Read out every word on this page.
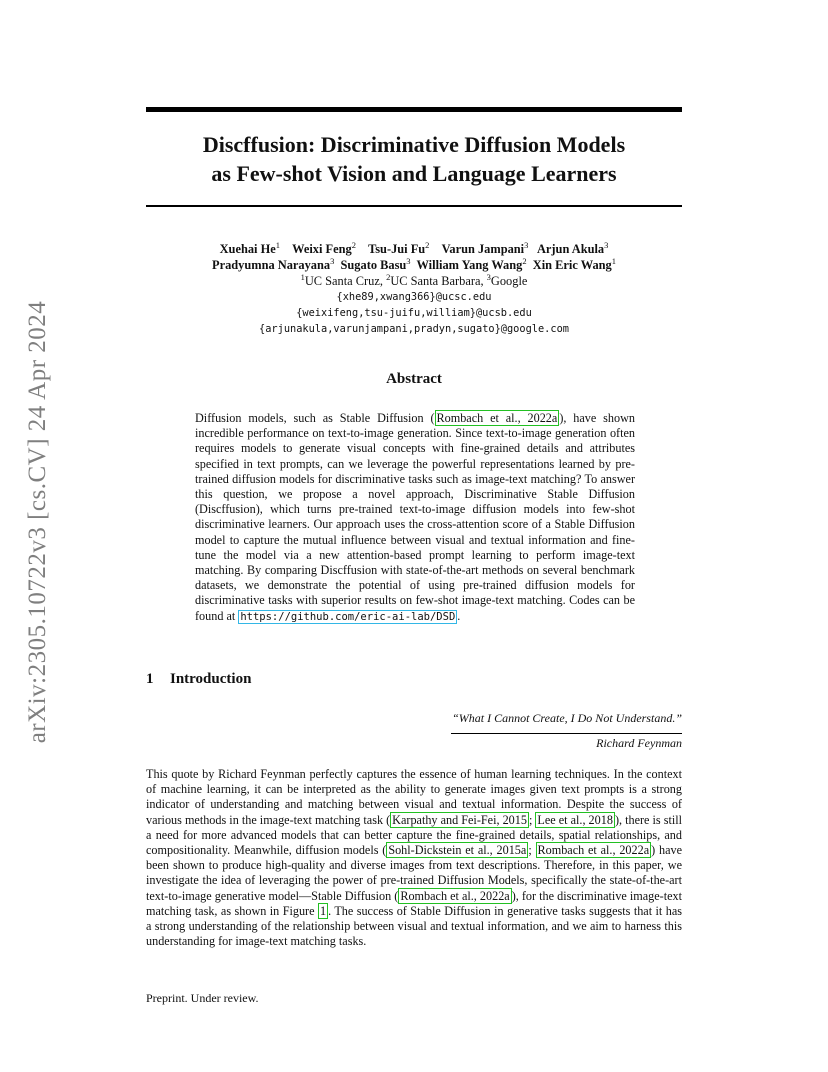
arXiv:2305.10722v3 [cs.CV] 24 Apr 2024
Discffusion: Discriminative Diffusion Models
as Few-shot Vision and Language Learners
Xuehai He$^1$ Weixi Feng$^2$ Tsu-Jui Fu$^2$ Varun Jampani$^3$ Arjun Akula$^3$
Pradyumna Narayana$^3$ Sugato Basu$^3$ William Yang Wang$^2$ Xin Eric Wang$^1$
$^1$UC Santa Cruz, $^2$UC Santa Barbara, $^3$Google
{xhe89,xwang366}@ucsc.edu
{weixifeng,tsu-juifu,william}@ucsb.edu
{arjunakula,varunjampani,pradyn,sugato}@google.com
Abstract
Diffusion models, such as Stable Diffusion ( Rombach et al., 2022a ), have shown incredible performance on text-to-image generation. Since text-to-image generation often requires models to generate visual concepts with fine-grained details and attributes specified in text prompts, can we leverage the powerful representations learned by pre-trained diffusion models for discriminative tasks such as image-text matching? To answer this question, we propose a novel approach, Discriminative Stable Diffusion (Discffusion), which turns pre-trained text-to-image diffusion models into few-shot discriminative learners. Our approach uses the cross-attention score of a Stable Diffusion model to capture the mutual influence between visual and textual information and fine-tune the model via a new attention-based prompt learning to perform image-text matching. By comparing Discffusion with state-of-the-art methods on several benchmark datasets, we demonstrate the potential of using pre-trained diffusion models for discriminative tasks with superior results on few-shot image-text matching. Codes can be found at https://github.com/eric-ai-lab/DSD .
1 Introduction
“What I Cannot Create, I Do Not Understand.”
Richard Feynman
This quote by Richard Feynman perfectly captures the essence of human learning techniques. In the context of machine learning, it can be interpreted as the ability to generate images given text prompts is a strong indicator of understanding and matching between visual and textual information. Despite the success of various methods in the image-text matching task ( Karpathy and Fei-Fei, 2015 ; Lee et al., 2018 ), there is still a need for more advanced models that can better capture the fine-grained details, spatial relationships, and compositionality. Meanwhile, diffusion models ( Sohl-Dickstein et al., 2015a ; Rombach et al., 2022a ) have been shown to produce high-quality and diverse images from text descriptions. Therefore, in this paper, we investigate the idea of leveraging the power of pre-trained Diffusion Models, specifically the state-of-the-art text-to-image generative model—Stable Diffusion ( Rombach et al., 2022a ), for the discriminative image-text matching task, as shown in Figure 1 . The success of Stable Diffusion in generative tasks suggests that it has a strong understanding of the relationship between visual and textual information, and we aim to harness this understanding for image-text matching tasks.
Preprint. Under review.
